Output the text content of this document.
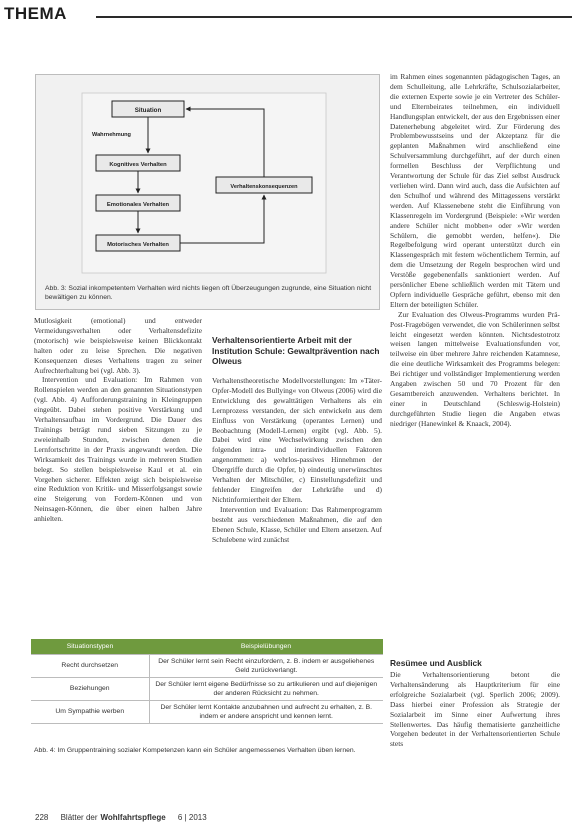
THEMA
Situation
Wahrnehmung
Kognitives Verhalten
Emotionales Verhalten
Motorisches Verhalten
Verhaltenskonsequenzen
Abb. 3: Sozial inkompetentem Verhalten wird nichts liegen oft Überzeugungen zugrunde, eine Situation nicht bewältigen zu können.

Mutlosigkeit (emotional) und entweder Vermeidungsverhalten oder Verhaltensdefizite (motorisch) wie beispielsweise keinen Blickkontakt halten oder zu leise Sprechen. Die negativen Konsequenzen dieses Verhaltens tragen zu seiner Aufrechterhaltung bei (vgl. Abb. 3).

Intervention und Evaluation: Im Rahmen von Rollenspielen werden an den genannten Situationstypen (vgl. Abb. 4) Aufforderungstraining in Kleingruppen eingeübt. Dabei stehen positive Verstärkung und Verhaltensaufbau im Vordergrund. Die Dauer des Trainings beträgt rund sieben Sitzungen zu je zweieinhalb Stunden, zwischen denen die Lernfortschritte in der Praxis angewandt werden. Die Wirksamkeit des Trainings wurde in mehreren Studien belegt. So stellen beispielsweise Kaul et al. ein Vorgehen sicherer. Effekten zeigt sich beispielsweise eine Reduktion von Kritik- und Misserfolgsangst sowie eine Steigerung von Fordern-Können und von Neinsagen-Können, die über einen halben Jahre anhielten.

Verhaltensorientierte Arbeit mit der Institution Schule: Gewaltprävention nach Olweus

Verhaltenstheoretische Modellvorstellungen: Im »Täter-Opfer-Modell des Bullying« von Olweus (2006) wird die Entwicklung des gewalttätigen Verhaltens als ein Lernprozess verstanden, der sich entwickeln aus dem Einfluss von Verstärkung (operantes Lernen) und Beobachtung (Modell-Lernen) ergibt (vgl. Abb. 5). Dabei wird eine Wechselwirkung zwischen den folgenden intra- und interindividuellen Faktoren angenommen: a) wehrlos-passives Hinnehmen der Übergriffe durch die Opfer, b) eindeutig unerwünschtes Verhalten der Mitschüler, c) Einstellungsdefizit und fehlender Eingreifen der Lehrkräfte und d) Nichtinformiertheit der Eltern.

Intervention und Evaluation: Das Rahmenprogramm besteht aus verschiedenen Maßnahmen, die auf den Ebenen Schule, Klasse, Schüler und Eltern ansetzen. Auf Schulebene wird zunächst

im Rahmen eines sogenannten pädagogischen Tages, an dem Schulleitung, alle Lehrkräfte, Schulsozialarbeiter, die externen Experte sowie je ein Vertreter des Schüler- und Elternbeirates teilnehmen, ein individuell Handlungsplan entwickelt, der aus den Ergebnissen einer Datenerhebung abgeleitet wird. Zur Förderung des Problembewusstseins und der Akzeptanz für die geplanten Maßnahmen wird anschließend eine Schulversammlung durchgeführt, auf der durch einen formellen Beschluss der Verpflichtung und Verantwortung der Schule für das Ziel selbst Ausdruck verliehen wird. Dann wird auch, dass die Aufsichten auf den Schulhof und während des Mittagessens verstärkt werden. Auf Klassenebene steht die Einführung von Klassenregeln im Vordergrund (Beispiele: »Wir werden andere Schüler nicht mobben« oder »Wir werden Schülern, die gemobbt werden, helfen«). Die Regelbefolgung wird operant unterstützt durch ein Klassengespräch mit festem wöchentlichem Termin, auf dem die Umsetzung der Regeln besprochen wird und Verstöße gegebenenfalls sanktioniert werden. Auf persönlicher Ebene schließlich werden mit Tätern und Opfern individuelle Gespräche geführt, ebenso mit den Eltern der beteiligten Schüler.

Zur Evaluation des Olweus-Programms wurden Prä-Post-Fragebögen verwendet, die von Schülerinnen selbst leicht eingesetzt werden könnten. Nichtsdestotrotz weisen langen mittelweise Evaluationsfunden vor, teilweise ein über mehrere Jahre reichenden Katamnese, die eine deutliche Wirksamkeit des Programms belegen: Bei richtiger und vollständiger Implementierung werden Angaben zwischen 50 und 70 Prozent für den Gesamtbereich anzuwenden. Verhaltens berichtet. In einer in Deutschland (Schleswig-Holstein) durchgeführten Studie liegen die Angaben etwas niedriger (Hanewinkel & Knaack, 2004).

Resümee und Ausblick

Die Verhaltensorientierung betont die Verhaltensänderung als Hauptkriterium für eine erfolgreiche Sozialarbeit (vgl. Sperlich 2006; 2009). Dass hierbei einer Profession als Strategie der Sozialarbeit im Sinne einer Aufwertung ihres Stellenwertes. Das häufig thematisierte ganzheitliche Vorgehen bedeutet in der Verhaltensorientierten Schule stets

Situationstypen	Beispielübungen
Recht durchsetzen	Der Schüler lernt sein Recht einzufordern, z. B. indem er ausgeliehenes Geld zurückverlangt.
Beziehungen	Der Schüler lernt eigene Bedürfnisse so zu artikulieren und auf diejenigen der anderen Rücksicht zu nehmen.
Um Sympathie werben	Der Schüler lernt Kontakte anzubahnen und aufrecht zu erhalten, z. B. indem er andere anspricht und kennen lernt.
Abb. 4: Im Gruppentraining sozialer Kompetenzen kann ein Schüler angemessenes Verhalten üben lernen.
228 Blätter der Wohlfahrtspflege 6 | 2013
